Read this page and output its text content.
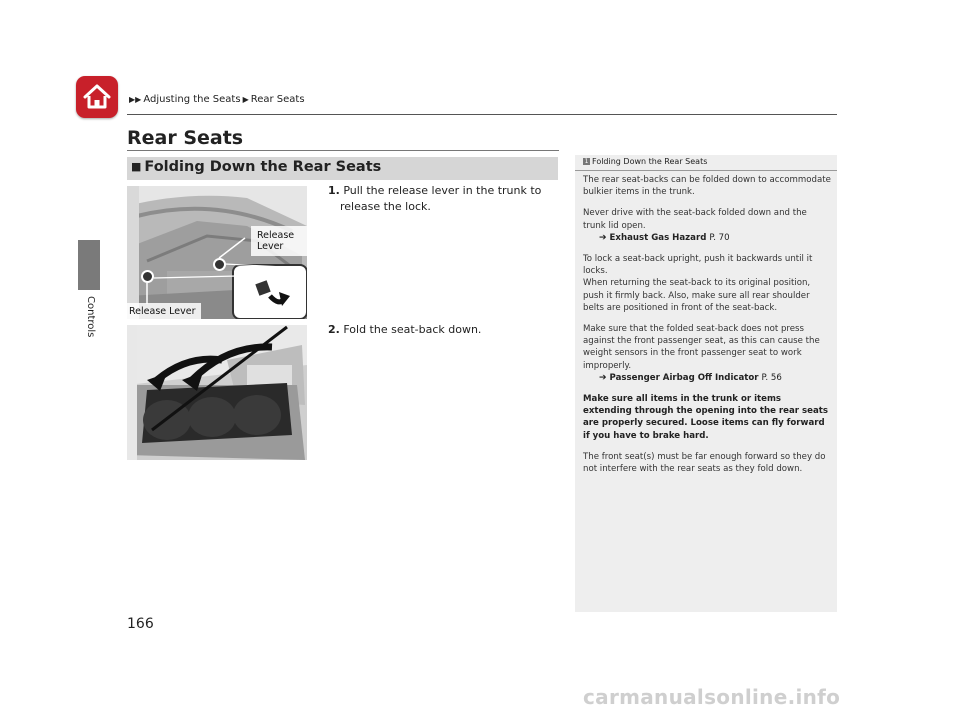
▶▶ Adjusting the Seats ▶ Rear Seats
Controls
Rear Seats
■ Folding Down the Rear Seats
Release Lever
Release Lever
1. Pull the release lever in the trunk to release the lock.
2. Fold the seat-back down.
1 Folding Down the Rear Seats
The rear seat-backs can be folded down to accommodate bulkier items in the trunk.
Never drive with the seat-back folded down and the trunk lid open.
➔ Exhaust Gas Hazard P. 70
To lock a seat-back upright, push it backwards until it locks.
When returning the seat-back to its original position, push it firmly back. Also, make sure all rear shoulder belts are positioned in front of the seat-back.
Make sure that the folded seat-back does not press against the front passenger seat, as this can cause the weight sensors in the front passenger seat to work improperly.
➔ Passenger Airbag Off Indicator P. 56
Make sure all items in the trunk or items extending through the opening into the rear seats are properly secured. Loose items can fly forward if you have to brake hard.
The front seat(s) must be far enough forward so they do not interfere with the rear seats as they fold down.
166
carmanualsonline.info
